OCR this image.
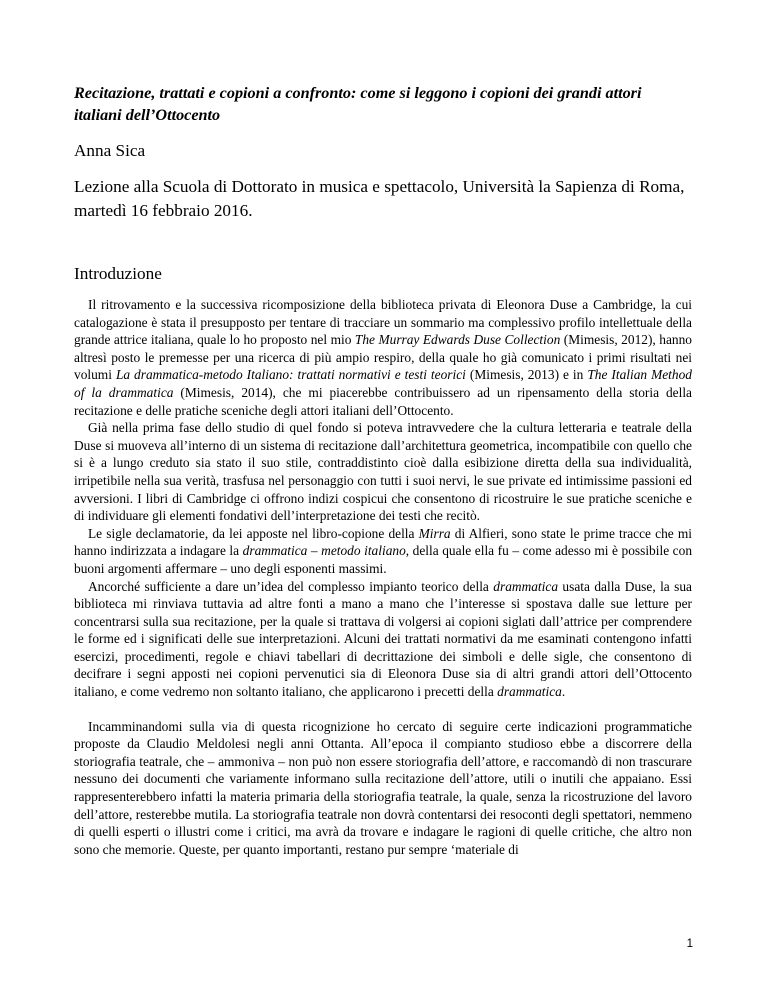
Recitazione, trattati e copioni a confronto: come si leggono i copioni dei grandi attori italiani dell’Ottocento
Anna Sica
Lezione alla Scuola di Dottorato in musica e spettacolo, Università la Sapienza di Roma, martedì 16 febbraio 2016.
Introduzione

Il ritrovamento e la successiva ricomposizione della biblioteca privata di Eleonora Duse a Cambridge, la cui catalogazione è stata il presupposto per tentare di tracciare un sommario ma complessivo profilo intellettuale della grande attrice italiana, quale lo ho proposto nel mio The Murray Edwards Duse Collection (Mimesis, 2012), hanno altresì posto le premesse per una ricerca di più ampio respiro, della quale ho già comunicato i primi risultati nei volumi La drammatica-metodo Italiano: trattati normativi e testi teorici (Mimesis, 2013) e in The Italian Method of la drammatica (Mimesis, 2014), che mi piacerebbe contribuissero ad un ripensamento della storia della recitazione e delle pratiche sceniche degli attori italiani dell’Ottocento.

Già nella prima fase dello studio di quel fondo si poteva intravvedere che la cultura letteraria e teatrale della Duse si muoveva all’interno di un sistema di recitazione dall’architettura geometrica, incompatibile con quello che si è a lungo creduto sia stato il suo stile, contraddistinto cioè dalla esibizione diretta della sua individualità, irripetibile nella sua verità, trasfusa nel personaggio con tutti i suoi nervi, le sue private ed intimissime passioni ed avversioni. I libri di Cambridge ci offrono indizi cospicui che consentono di ricostruire le sue pratiche sceniche e di individuare gli elementi fondativi dell’interpretazione dei testi che recitò.

Le sigle declamatorie, da lei apposte nel libro-copione della Mirra di Alfieri, sono state le prime tracce che mi hanno indirizzata a indagare la drammatica – metodo italiano, della quale ella fu – come adesso mi è possibile con buoni argomenti affermare – uno degli esponenti massimi.

Ancorché sufficiente a dare un’idea del complesso impianto teorico della drammatica usata dalla Duse, la sua biblioteca mi rinviava tuttavia ad altre fonti a mano a mano che l’interesse si spostava dalle sue letture per concentrarsi sulla sua recitazione, per la quale si trattava di volgersi ai copioni siglati dall’attrice per comprendere le forme ed i significati delle sue interpretazioni. Alcuni dei trattati normativi da me esaminati contengono infatti esercizi, procedimenti, regole e chiavi tabellari di decrittazione dei simboli e delle sigle, che consentono di decifrare i segni apposti nei copioni pervenutici sia di Eleonora Duse sia di altri grandi attori dell’Ottocento italiano, e come vedremo non soltanto italiano, che applicarono i precetti della drammatica.

Incamminandomi sulla via di questa ricognizione ho cercato di seguire certe indicazioni programmatiche proposte da Claudio Meldolesi negli anni Ottanta. All’epoca il compianto studioso ebbe a discorrere della storiografia teatrale, che – ammoniva – non può non essere storiografia dell’attore, e raccomandò di non trascurare nessuno dei documenti che variamente informano sulla recitazione dell’attore, utili o inutili che appaiano. Essi rappresenterebbero infatti la materia primaria della storiografia teatrale, la quale, senza la ricostruzione del lavoro dell’attore, resterebbe mutila. La storiografia teatrale non dovrà contentarsi dei resoconti degli spettatori, nemmeno di quelli esperti o illustri come i critici, ma avrà da trovare e indagare le ragioni di quelle critiche, che altro non sono che memorie. Queste, per quanto importanti, restano pur sempre ‘materiale di

1
